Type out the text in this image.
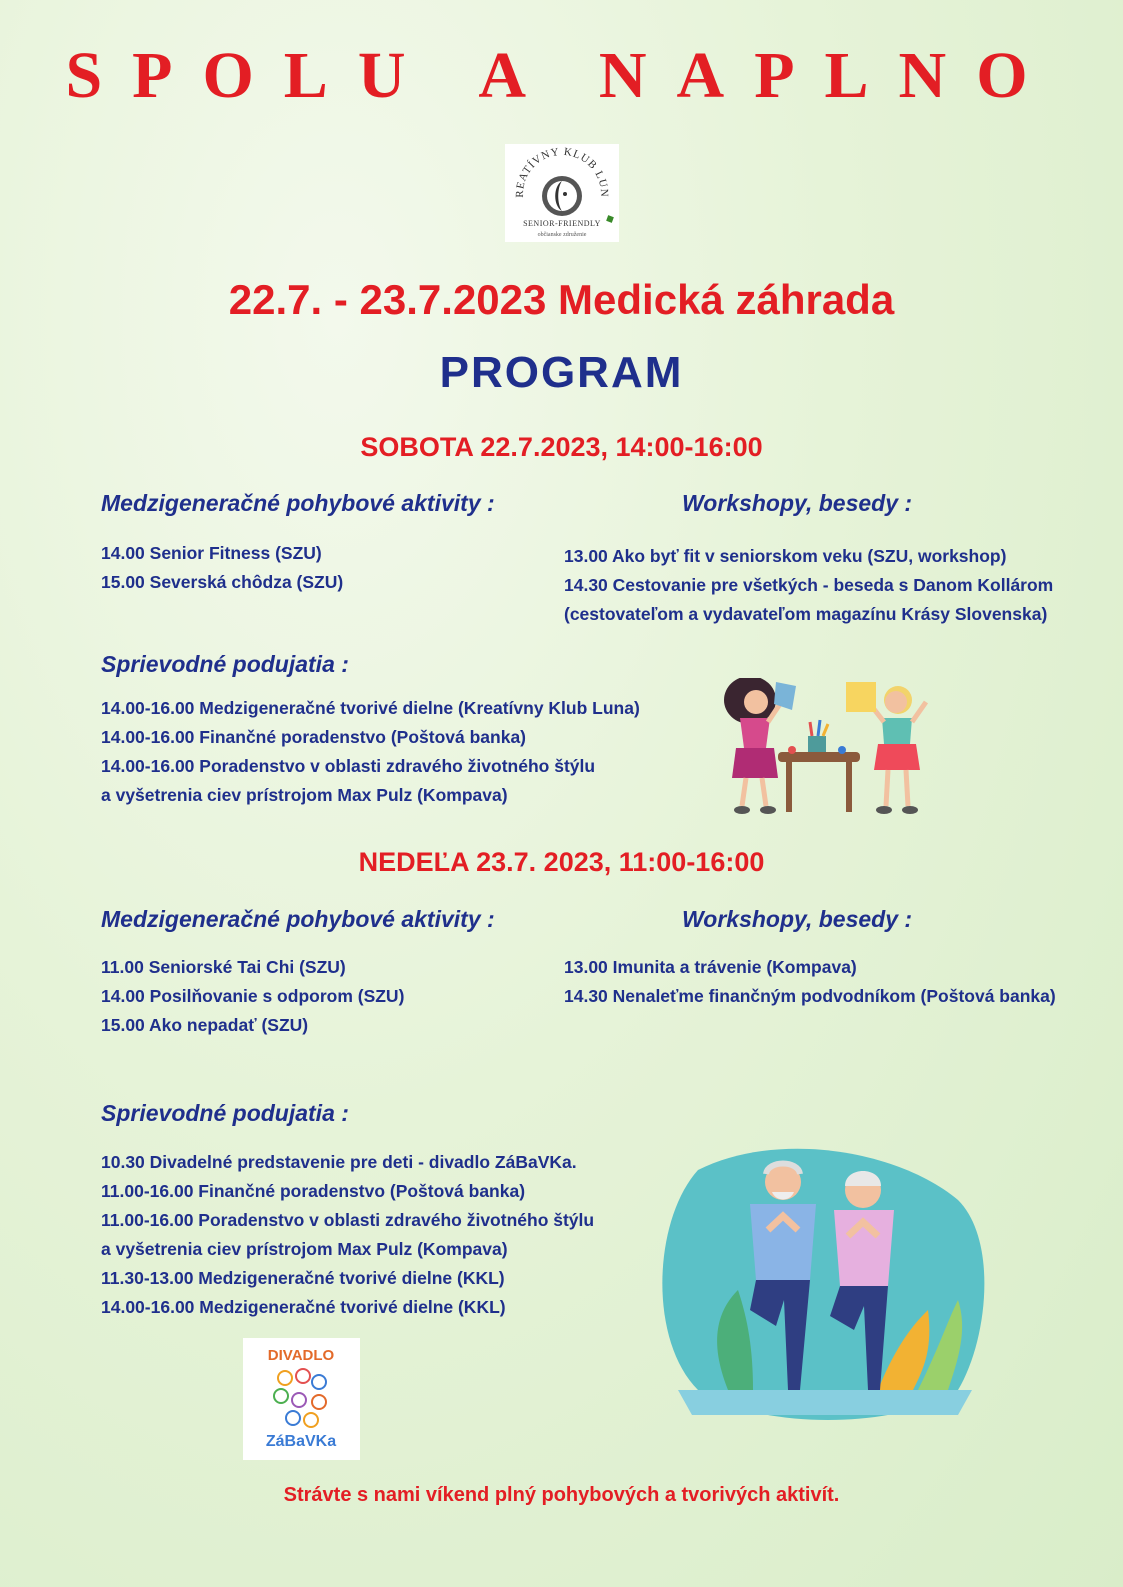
SPOLU A NAPLNO
REATÍVNY KLUB LUN
SENIOR-FRIENDLY
občianske združenie
22.7. - 23.7.2023 Medická záhrada
PROGRAM
SOBOTA 22.7.2023, 14:00-16:00
Medzigeneračné pohybové aktivity :
14.00 Senior Fitness (SZU)
15.00 Severská chôdza (SZU)
Workshopy, besedy :
13.00 Ako byť fit v seniorskom veku (SZU, workshop)
14.30 Cestovanie pre všetkých - beseda s Danom Kollárom
(cestovateľom a vydavateľom magazínu Krásy Slovenska)
Sprievodné podujatia :
14.00-16.00 Medzigeneračné tvorivé dielne (Kreatívny Klub Luna)
14.00-16.00 Finančné poradenstvo (Poštová banka)
14.00-16.00 Poradenstvo v oblasti zdravého životného štýlu
a vyšetrenia ciev prístrojom Max Pulz (Kompava)
NEDEĽA 23.7. 2023, 11:00-16:00
Medzigeneračné pohybové aktivity :
11.00 Seniorské Tai Chi (SZU)
14.00 Posilňovanie s odporom (SZU)
15.00 Ako nepadať (SZU)
Workshopy, besedy :
13.00 Imunita a trávenie (Kompava)
14.30 Nenaleťme finančným podvodníkom (Poštová banka)
Sprievodné podujatia :
10.30 Divadelné predstavenie pre deti - divadlo ZáBaVKa.
11.00-16.00 Finančné poradenstvo (Poštová banka)
11.00-16.00 Poradenstvo v oblasti zdravého životného štýlu
a vyšetrenia ciev prístrojom Max Pulz (Kompava)
11.30-13.00 Medzigeneračné tvorivé dielne (KKL)
14.00-16.00 Medzigeneračné tvorivé dielne (KKL)
DIVADLO
ZáBaVKa
Strávte s nami víkend plný pohybových a tvorivých aktivít.
